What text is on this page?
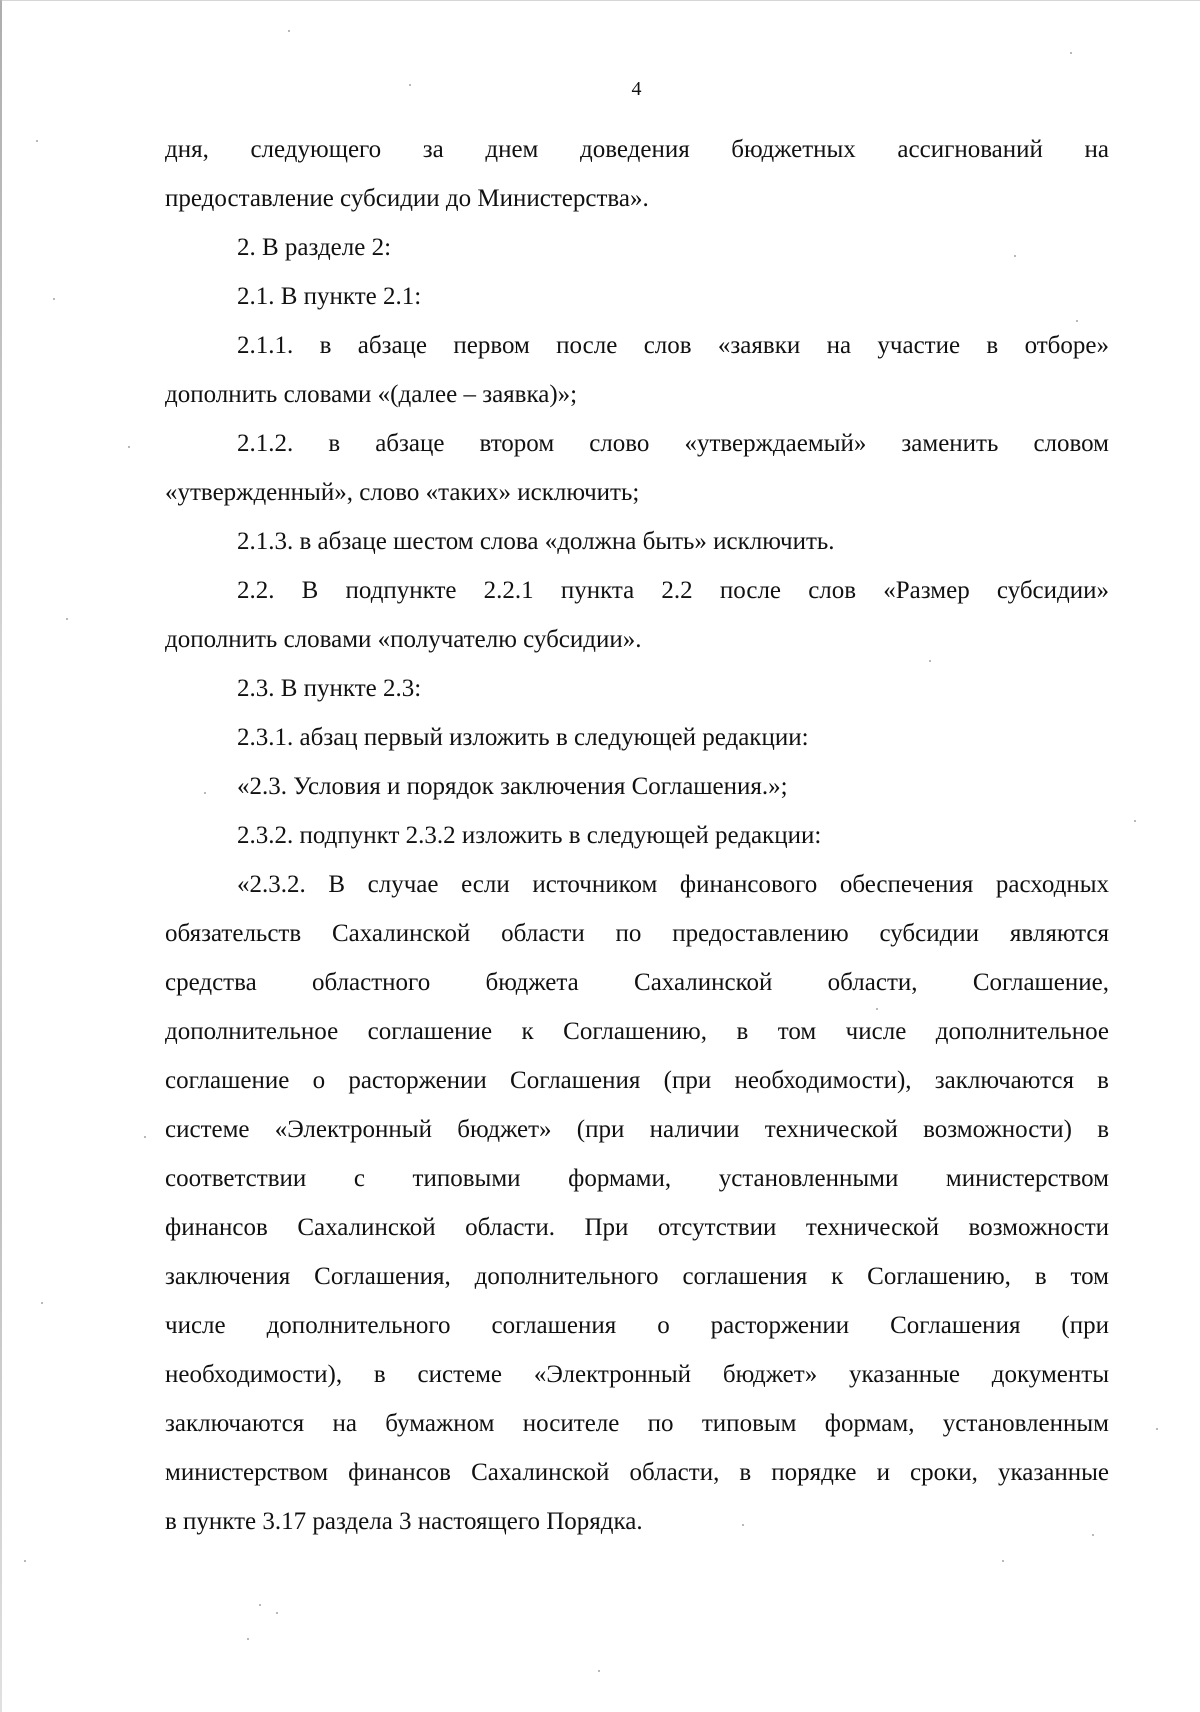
4
дня, следующего за днем доведения бюджетных ассигнований на
предоставление субсидии до Министерства».
2. В разделе 2:
2.1. В пункте 2.1:
2.1.1. в абзаце первом после слов «заявки на участие в отборе»
дополнить словами «(далее – заявка)»;
2.1.2. в абзаце втором слово «утверждаемый» заменить словом
«утвержденный», слово «таких» исключить;
2.1.3. в абзаце шестом слова «должна быть» исключить.
2.2. В подпункте 2.2.1 пункта 2.2 после слов «Размер субсидии»
дополнить словами «получателю субсидии».
2.3. В пункте 2.3:
2.3.1. абзац первый изложить в следующей редакции:
«2.3. Условия и порядок заключения Соглашения.»;
2.3.2. подпункт 2.3.2 изложить в следующей редакции:
«2.3.2. В случае если источником финансового обеспечения расходных
обязательств Сахалинской области по предоставлению субсидии являются
средства областного бюджета Сахалинской области, Соглашение,
дополнительное соглашение к Соглашению, в том числе дополнительное
соглашение о расторжении Соглашения (при необходимости), заключаются в
системе «Электронный бюджет» (при наличии технической возможности) в
соответствии с типовыми формами, установленными министерством
финансов Сахалинской области. При отсутствии технической возможности
заключения Соглашения, дополнительного соглашения к Соглашению, в том
числе дополнительного соглашения о расторжении Соглашения (при
необходимости), в системе «Электронный бюджет» указанные документы
заключаются на бумажном носителе по типовым формам, установленным
министерством финансов Сахалинской области, в порядке и сроки, указанные
в пункте 3.17 раздела 3 настоящего Порядка.
